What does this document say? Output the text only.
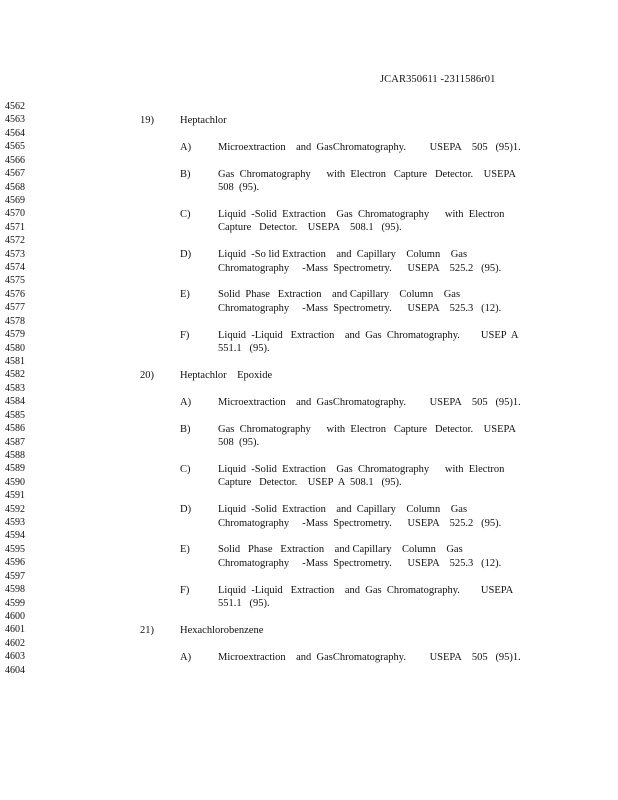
JCAR350611 -2311586r01
4562
4563
4564
4565
4566
4567
4568
4569
4570
4571
4572
4573
4574
4575
4576
4577
4578
4579
4580
4581
4582
4583
4584
4585
4586
4587
4588
4589
4590
4591
4592
4593
4594
4595
4596
4597
4598
4599
4600
4601
4602
4603
4604
19) Heptachlor
A)	Microextraction    and  GasChromatography.         USEPA    505   (95)1.
B)	Gas  Chromatography      with  Electron   Capture   Detector.    USEPA
508  (95).
C)	Liquid  -Solid  Extraction    Gas  Chromatography      with  Electron
Capture   Detector.    USEPA    508.1   (95).
D)	Liquid  -So lid Extraction    and  Capillary    Column    Gas
Chromatography     -Mass  Spectrometry.      USEPA    525.2   (95).
E)	Solid  Phase   Extraction    and Capillary    Column    Gas
Chromatography     -Mass  Spectrometry.      USEPA    525.3   (12).
F)	Liquid  -Liquid   Extraction    and  Gas  Chromatography.        USEP  A
551.1   (95).
20) Heptachlor    Epoxide
A)	Microextraction    and  GasChromatography.         USEPA    505   (95)1.
B)	Gas  Chromatography      with  Electron   Capture   Detector.    USEPA
508  (95).
C)	Liquid  -Solid  Extraction    Gas  Chromatography      with  Electron
Capture   Detector.    USEP  A  508.1   (95).
D)	Liquid  -Solid  Extraction    and  Capillary    Column    Gas
Chromatography     -Mass  Spectrometry.      USEPA    525.2   (95).
E)	Solid   Phase   Extraction    and Capillary    Column    Gas
Chromatography     -Mass  Spectrometry.      USEPA    525.3   (12).
F)	Liquid  -Liquid   Extraction    and  Gas  Chromatography.        USEPA
551.1   (95).
21) Hexachlorobenzene
A)	Microextraction    and  GasChromatography.         USEPA    505   (95)1.
